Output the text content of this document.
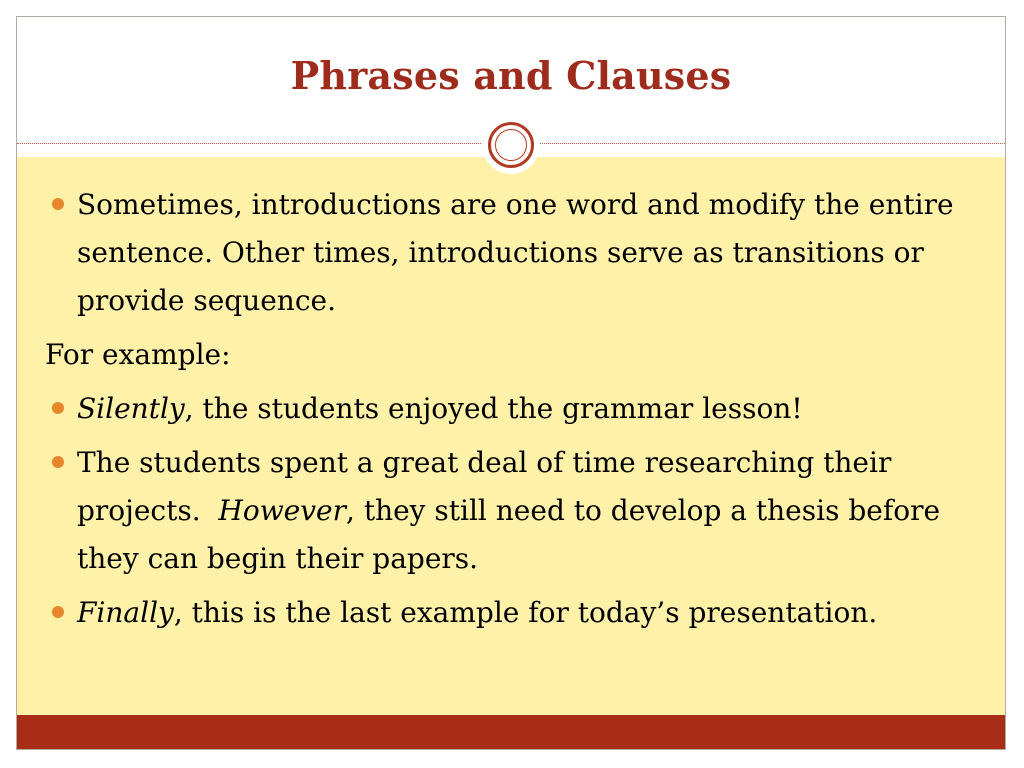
Phrases and Clauses
Sometimes, introductions are one word and modify the entire sentence. Other times, introductions serve as transitions or provide sequence.
For example:
Silently, the students enjoyed the grammar lesson!
The students spent a great deal of time researching their projects.  However, they still need to develop a thesis before they can begin their papers.
Finally, this is the last example for today’s presentation.
